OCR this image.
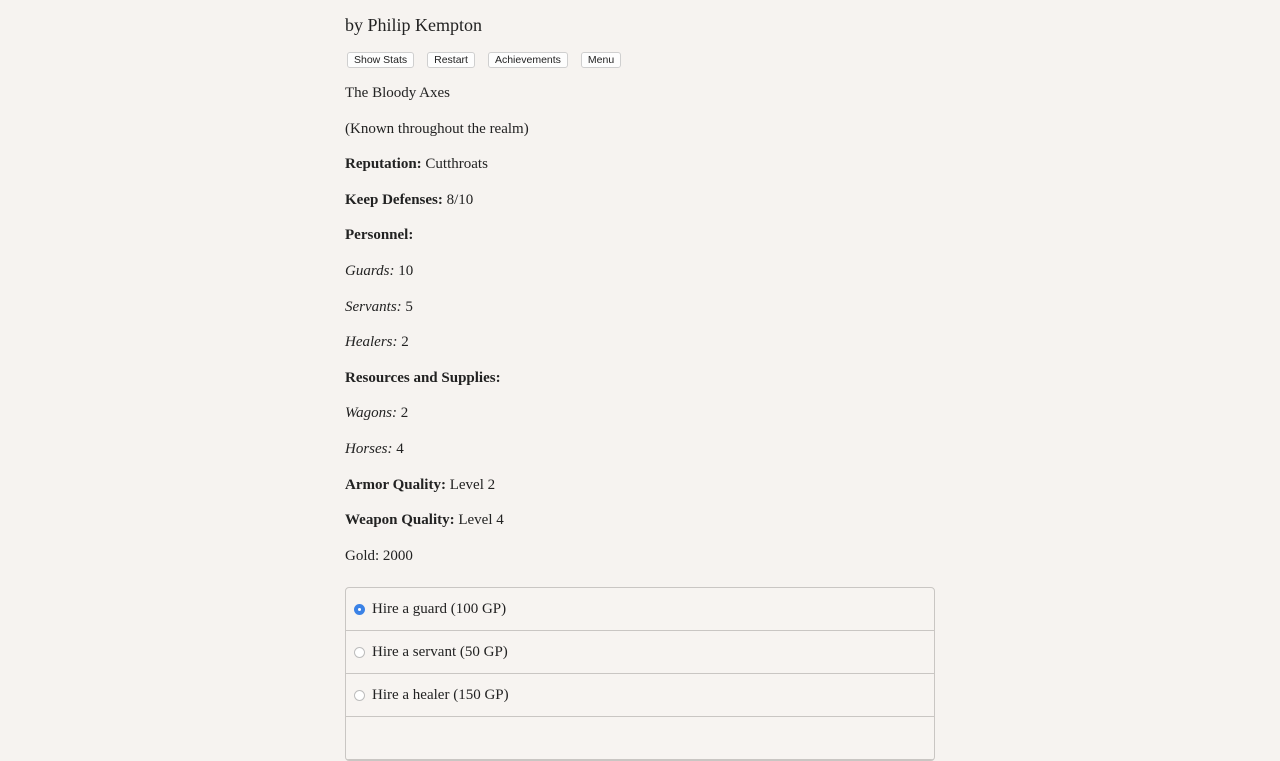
by Philip Kempton

Show Stats	Restart	Achievements	Menu

The Bloody Axes

(Known throughout the realm)

Reputation: Cutthroats

Keep Defenses: 8/10

Personnel:

Guards: 10

Servants: 5

Healers: 2

Resources and Supplies:

Wagons: 2

Horses: 4

Armor Quality: Level 2

Weapon Quality: Level 4

Gold: 2000

Hire a guard (100 GP)
Hire a servant (50 GP)
Hire a healer (150 GP)
